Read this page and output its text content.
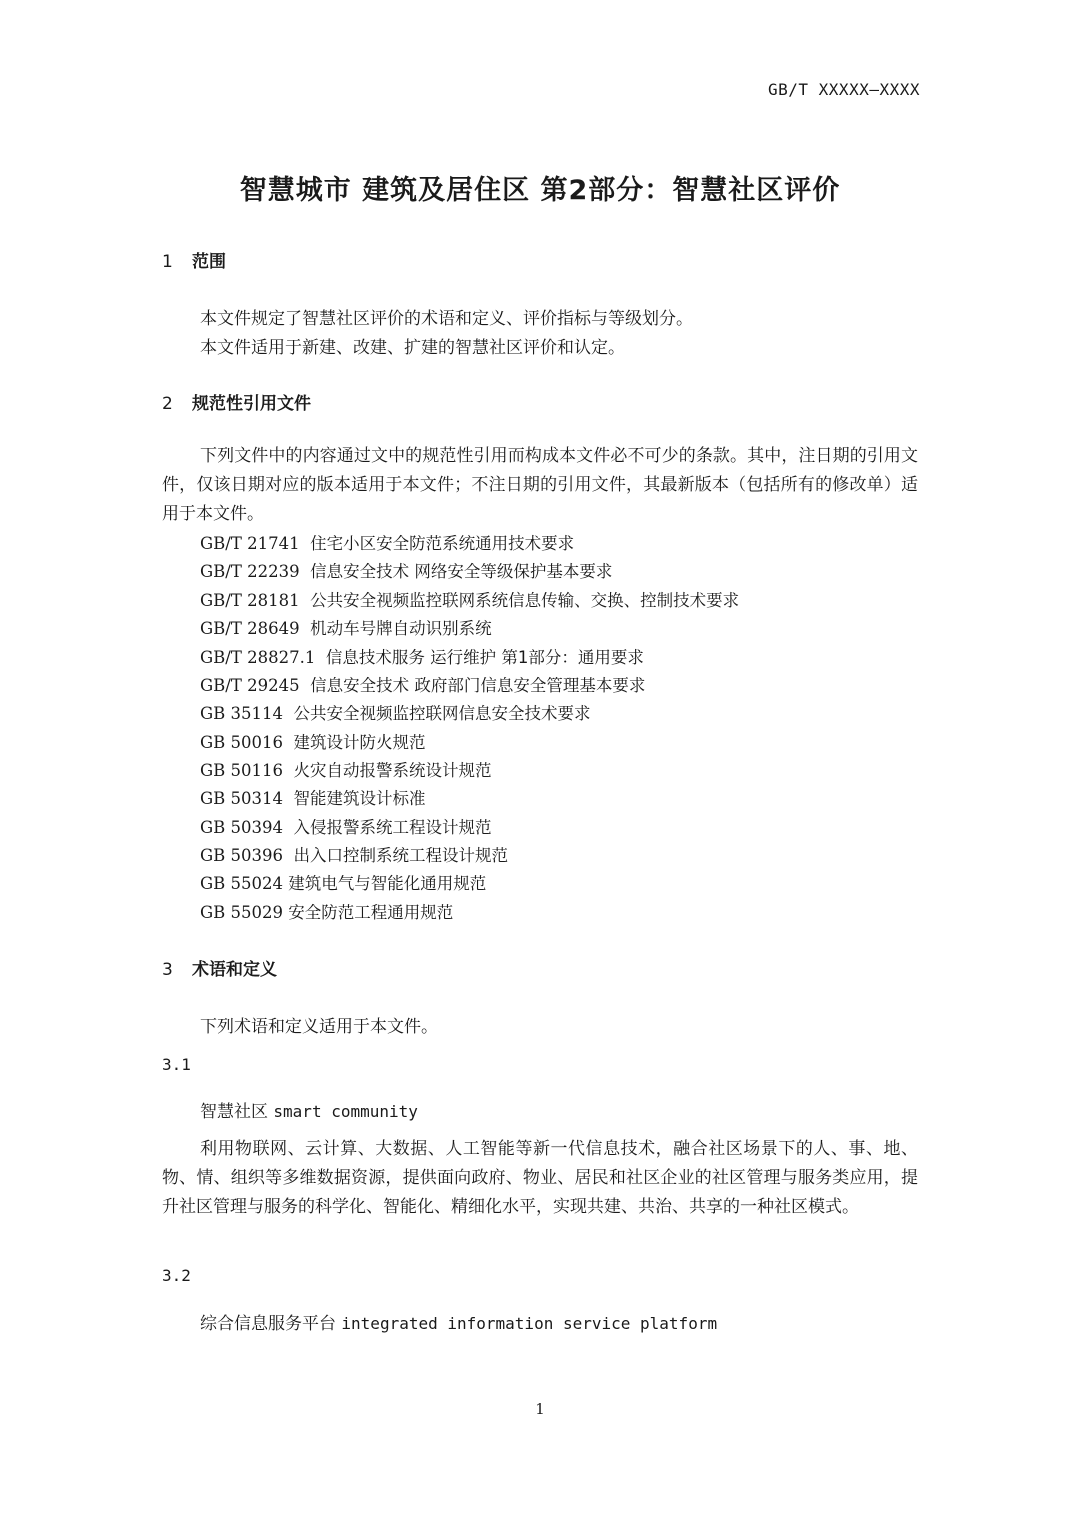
GB/T XXXXX—XXXX
智慧城市 建筑及居住区 第2部分：智慧社区评价
1 范围
本文件规定了智慧社区评价的术语和定义、评价指标与等级划分。
本文件适用于新建、改建、扩建的智慧社区评价和认定。
2 规范性引用文件
下列文件中的内容通过文中的规范性引用而构成本文件必不可少的条款。其中，注日期的引用文件，仅该日期对应的版本适用于本文件；不注日期的引用文件，其最新版本（包括所有的修改单）适用于本文件。
GB/T 21741 住宅小区安全防范系统通用技术要求
GB/T 22239 信息安全技术 网络安全等级保护基本要求
GB/T 28181 公共安全视频监控联网系统信息传输、交换、控制技术要求
GB/T 28649 机动车号牌自动识别系统
GB/T 28827.1 信息技术服务 运行维护 第1部分：通用要求
GB/T 29245 信息安全技术 政府部门信息安全管理基本要求
GB 35114 公共安全视频监控联网信息安全技术要求
GB 50016 建筑设计防火规范
GB 50116 火灾自动报警系统设计规范
GB 50314 智能建筑设计标准
GB 50394 入侵报警系统工程设计规范
GB 50396 出入口控制系统工程设计规范
GB 55024 建筑电气与智能化通用规范
GB 55029 安全防范工程通用规范
3 术语和定义
下列术语和定义适用于本文件。
3.1
智慧社区 smart community
利用物联网、云计算、大数据、人工智能等新一代信息技术，融合社区场景下的人、事、地、物、情、组织等多维数据资源，提供面向政府、物业、居民和社区企业的社区管理与服务类应用，提升社区管理与服务的科学化、智能化、精细化水平，实现共建、共治、共享的一种社区模式。
3.2
综合信息服务平台 integrated information service platform
1
